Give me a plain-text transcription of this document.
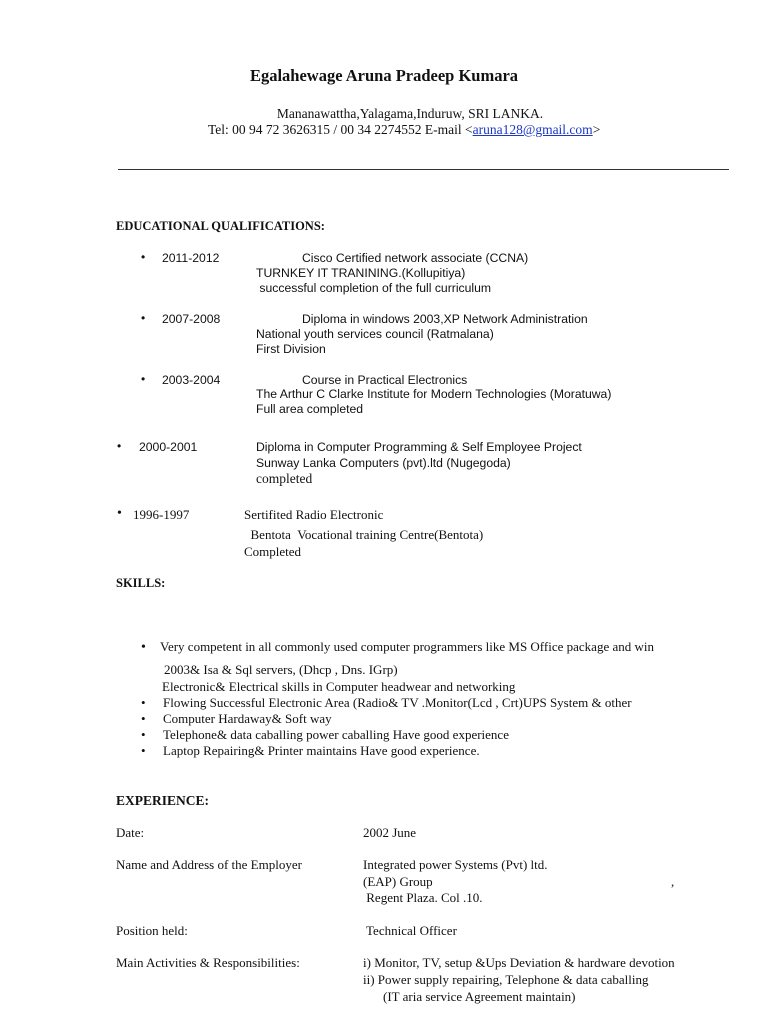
Egalahewage Aruna Pradeep Kumara
Mananawattha,Yalagama,Induruw, SRI LANKA.
Tel: 00 94 72 3626315 / 00 34 2274552 E-mail <aruna128@gmail.com>
EDUCATIONAL QUALIFICATIONS:
• 2011-2012	Cisco Certified network associate (CCNA)
TURNKEY IT TRANINING.(Kollupitiya)
successful completion of the full curriculum
• 2007-2008	Diploma in windows 2003,XP Network Administration
National youth services council (Ratmalana)
First Division
• 2003-2004	Course in Practical Electronics
The Arthur C Clarke Institute for Modern Technologies (Moratuwa)
Full area completed
• 2000-2001	Diploma in Computer Programming & Self Employee Project
Sunway Lanka Computers (pvt).ltd (Nugegoda)
completed
• 1996-1997	Sertifited Radio Electronic
Bentota  Vocational training Centre(Bentota)
Completed
SKILLS:
• Very competent in all commonly used computer programmers like MS Office package and win
2003& Isa & Sql servers, (Dhcp , Dns. IGrp)
Electronic& Electrical skills in Computer headwear and networking
• Flowing Successful Electronic Area (Radio& TV .Monitor(Lcd , Crt)UPS System & other
• Computer Hardaway& Soft way
• Telephone& data caballing power caballing Have good experience
• Laptop Repairing& Printer maintains Have good experience.
EXPERIENCE:
Date:	2002 June
Name and Address of the Employer	Integrated power Systems (Pvt) ltd.
(EAP) Group	,
Regent Plaza. Col .10.
Position held:	Technical Officer
Main Activities & Responsibilities:	i) Monitor, TV, setup &Ups Deviation & hardware devotion
ii) Power supply repairing, Telephone & data caballing
(IT aria service Agreement maintain)
